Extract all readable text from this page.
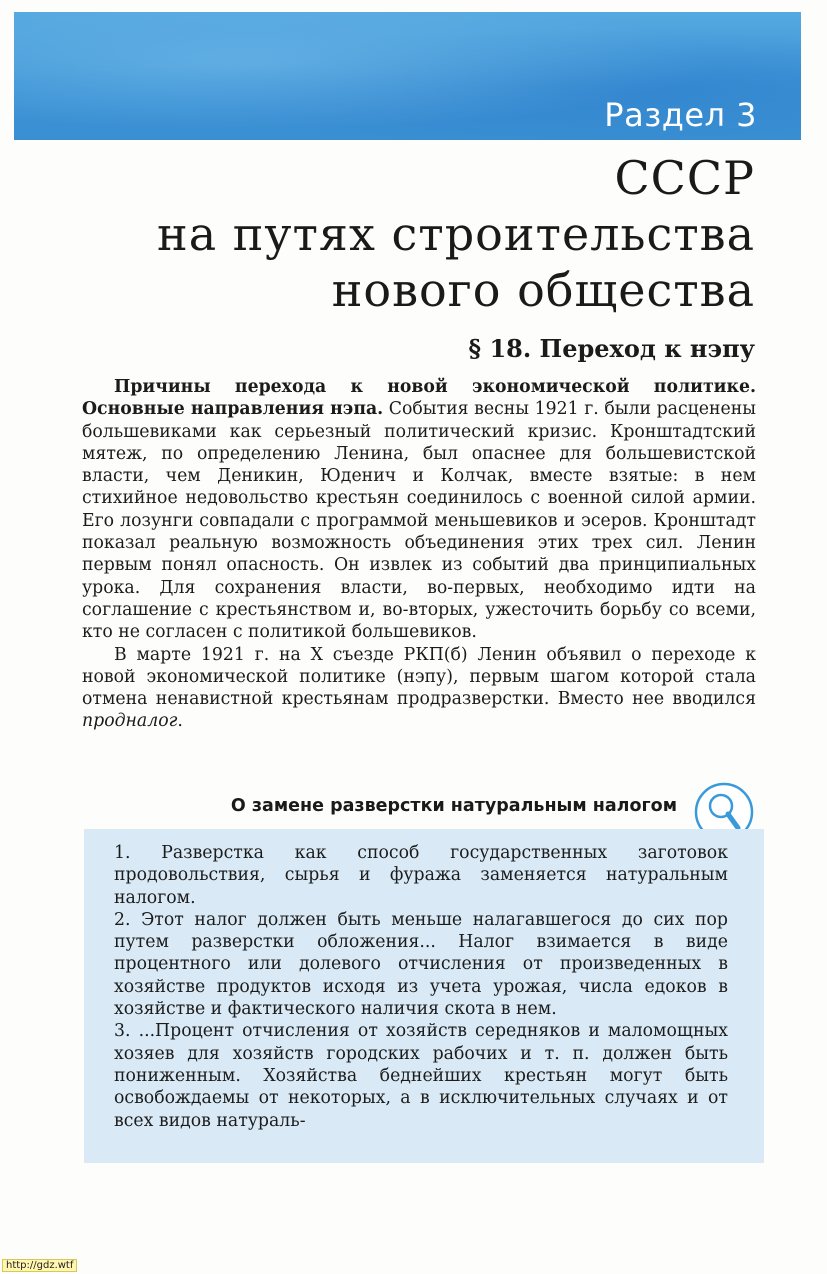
Раздел 3
СССР
на путях строительства
нового общества
§ 18. Переход к нэпу

Причины перехода к новой экономической политике. Основные направления нэпа. События весны 1921 г. были расценены большевиками как серьезный политический кризис. Кронштадтский мятеж, по определению Ленина, был опаснее для большевистской власти, чем Деникин, Юденич и Колчак, вместе взятые: в нем стихийное недовольство крестьян соединилось с военной силой армии. Его лозунги совпадали с программой меньшевиков и эсеров. Кронштадт показал реальную возможность объединения этих трех сил. Ленин первым понял опасность. Он извлек из событий два принципиальных урока. Для сохранения власти, во-первых, необходимо идти на соглашение с крестьянством и, во-вторых, ужесточить борьбу со всеми, кто не согласен с политикой большевиков.

В марте 1921 г. на X съезде РКП(б) Ленин объявил о переходе к новой экономической политике (нэпу), первым шагом которой стала отмена ненавистной крестьянам продразверстки. Вместо нее вводился продналог.

О замене разверстки натуральным налогом

1. Разверстка как способ государственных заготовок продовольствия, сырья и фуража заменяется натуральным налогом.

2. Этот налог должен быть меньше налагавшегося до сих пор путем разверстки обложения... Налог взимается в виде процентного или долевого отчисления от произведенных в хозяйстве продуктов исходя из учета урожая, числа едоков в хозяйстве и фактического наличия скота в нем.

3. ...Процент отчисления от хозяйств середняков и маломощных хозяев для хозяйств городских рабочих и т. п. должен быть пониженным. Хозяйства беднейших крестьян могут быть освобождаемы от некоторых, а в исключительных случаях и от всех видов натураль-

http://gdz.wtf
